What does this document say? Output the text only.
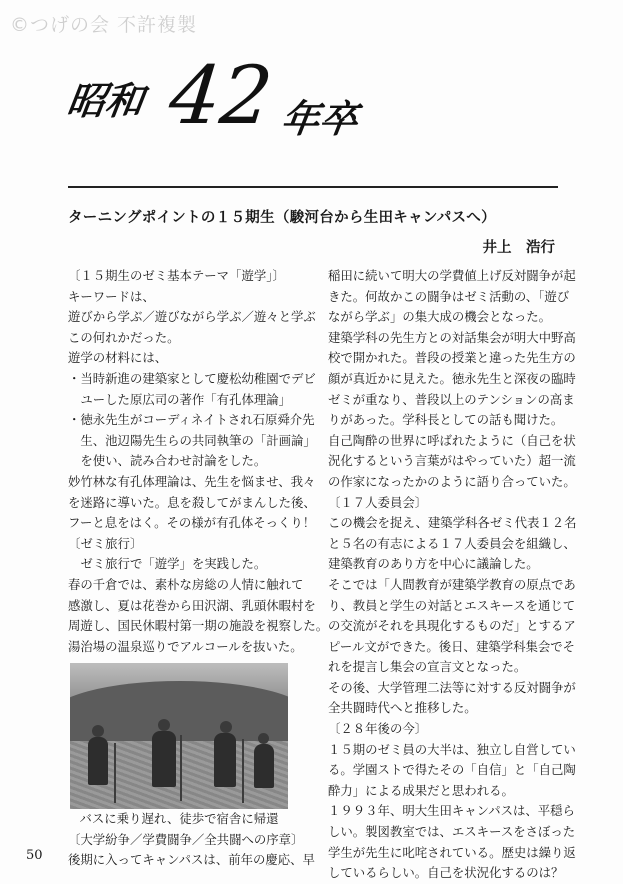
©つげの会 不許複製
昭和 42 年卒
ターニングポイントの１５期生（駿河台から生田キャンパスへ）
井上　浩行

〔１５期生のゼミ基本テーマ「遊学」〕

キーワードは、

遊びから学ぶ／遊びながら学ぶ／遊々と学ぶ

この何れかだった。

遊学の材料には、

・当時新進の建築家として慶松幼稚園でデビ

　ユーした原広司の著作「有孔体理論」

・徳永先生がコーディネイトされ石原舜介先

　生、池辺陽先生らの共同執筆の「計画論」

　を使い、読み合わせ討論をした。

妙竹林な有孔体理論は、先生を悩ませ、我々

を迷路に導いた。息を殺してがまんした後、

フーと息をはく。その様が有孔体そっくり！

〔ゼミ旅行〕

　ゼミ旅行で「遊学」を実践した。

春の千倉では、素朴な房総の人情に触れて

感激し、夏は花巻から田沢湖、乳頭休暇村を

周遊し、国民休暇村第一期の施設を視察した。

湯治場の温泉巡りでアルコールを抜いた。

バスに乗り遅れ、徒歩で宿舎に帰還

〔大学紛争／学費闘争／全共闘への序章〕

後期に入ってキャンパスは、前年の慶応、早

稲田に続いて明大の学費値上げ反対闘争が起

きた。何故かこの闘争はゼミ活動の、「遊び

ながら学ぶ」の集大成の機会となった。

建築学科の先生方との対話集会が明大中野高

校で開かれた。普段の授業と違った先生方の

顔が真近かに見えた。徳永先生と深夜の臨時

ゼミが重なり、普段以上のテンションの高ま

りがあった。学科長としての話も聞けた。

自己陶酔の世界に呼ばれたように（自己を状

況化するという言葉がはやっていた）超一流

の作家になったかのように語り合っていた。

〔１７人委員会〕

この機会を捉え、建築学科各ゼミ代表１２名

と５名の有志による１７人委員会を組織し、

建築教育のあり方を中心に議論した。

そこでは「人間教育が建築学教育の原点であ

り、教員と学生の対話とエスキースを通じて

の交流がそれを具現化するものだ」とするア

ピール文ができた。後日、建築学科集会でそ

れを提言し集会の宣言文となった。

その後、大学管理二法等に対する反対闘争が

全共闘時代へと推移した。

〔２８年後の今〕

１５期のゼミ員の大半は、独立し自営してい

る。学園ストで得たその「自信」と「自己陶

酔力」による成果だと思われる。

１９９３年、明大生田キャンパスは、平穏ら

しい。製図教室では、エスキースをさぼった

学生が先生に叱咤されている。歴史は繰り返

しているらしい。自己を状況化するのは？

50
